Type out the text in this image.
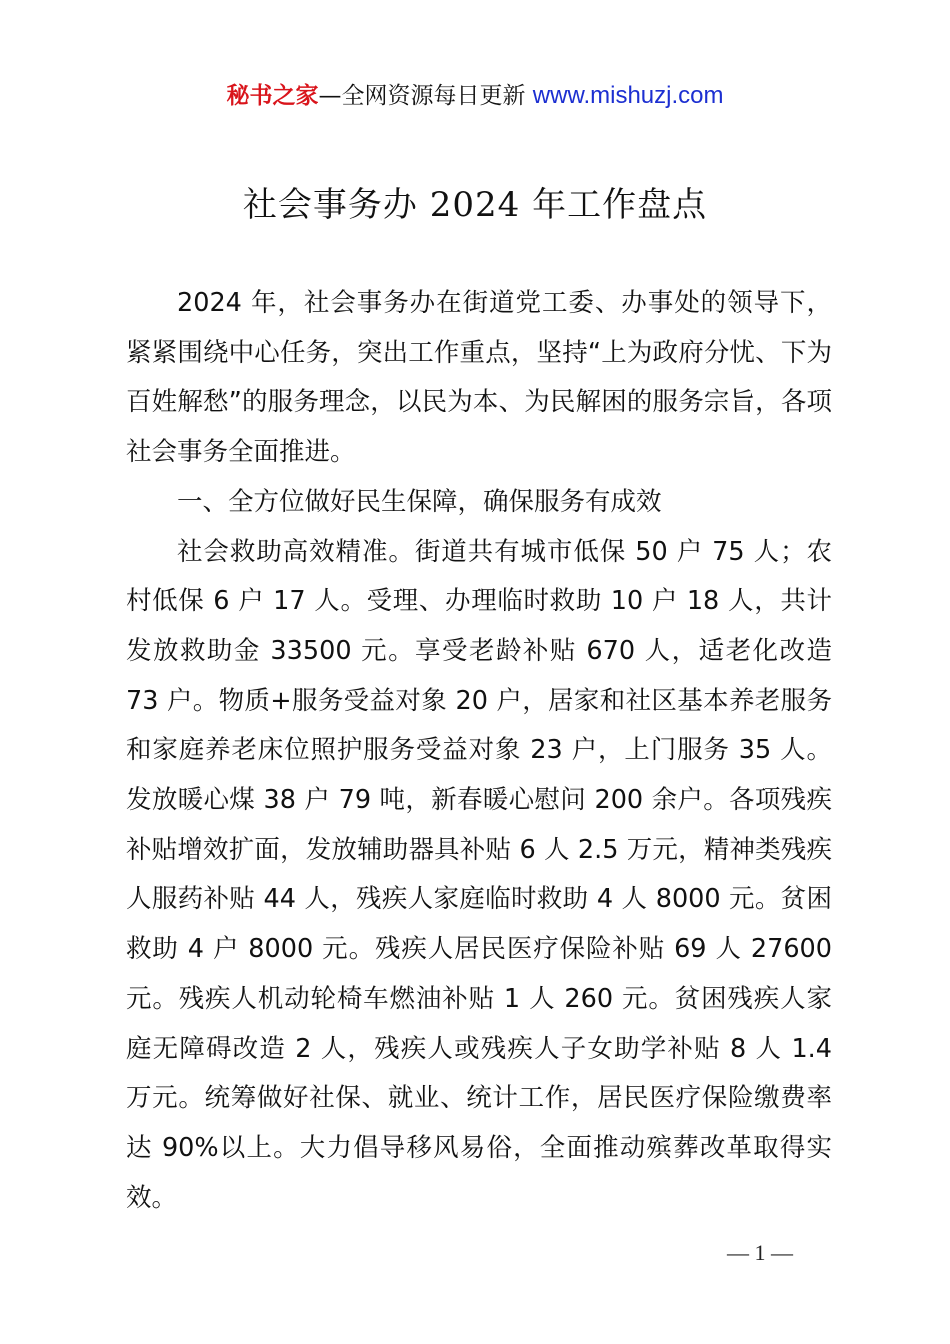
秘书之家—全网资源每日更新 www.mishuzj.com
社会事务办 2024 年工作盘点

2024 年，社会事务办在街道党工委、办事处的领导下，紧紧围绕中心任务，突出工作重点，坚持“上为政府分忧、下为百姓解愁”的服务理念，以民为本、为民解困的服务宗旨，各项社会事务全面推进。

一、全方位做好民生保障，确保服务有成效

社会救助高效精准。街道共有城市低保 50 户 75 人；农村低保 6 户 17 人。受理、办理临时救助 10 户 18 人，共计发放救助金 33500 元。享受老龄补贴 670 人，适老化改造 73 户。物质+服务受益对象 20 户，居家和社区基本养老服务和家庭养老床位照护服务受益对象 23 户，上门服务 35 人。发放暖心煤 38 户 79 吨，新春暖心慰问 200 余户。各项残疾补贴增效扩面，发放辅助器具补贴 6 人 2.5 万元，精神类残疾人服药补贴 44 人，残疾人家庭临时救助 4 人 8000 元。贫困救助 4 户 8000 元。残疾人居民医疗保险补贴 69 人 27600 元。残疾人机动轮椅车燃油补贴 1 人 260 元。贫困残疾人家庭无障碍改造 2 人，残疾人或残疾人子女助学补贴 8 人 1.4 万元。统筹做好社保、就业、统计工作，居民医疗保险缴费率达 90%以上。大力倡导移风易俗，全面推动殡葬改革取得实效。

— 1 —
